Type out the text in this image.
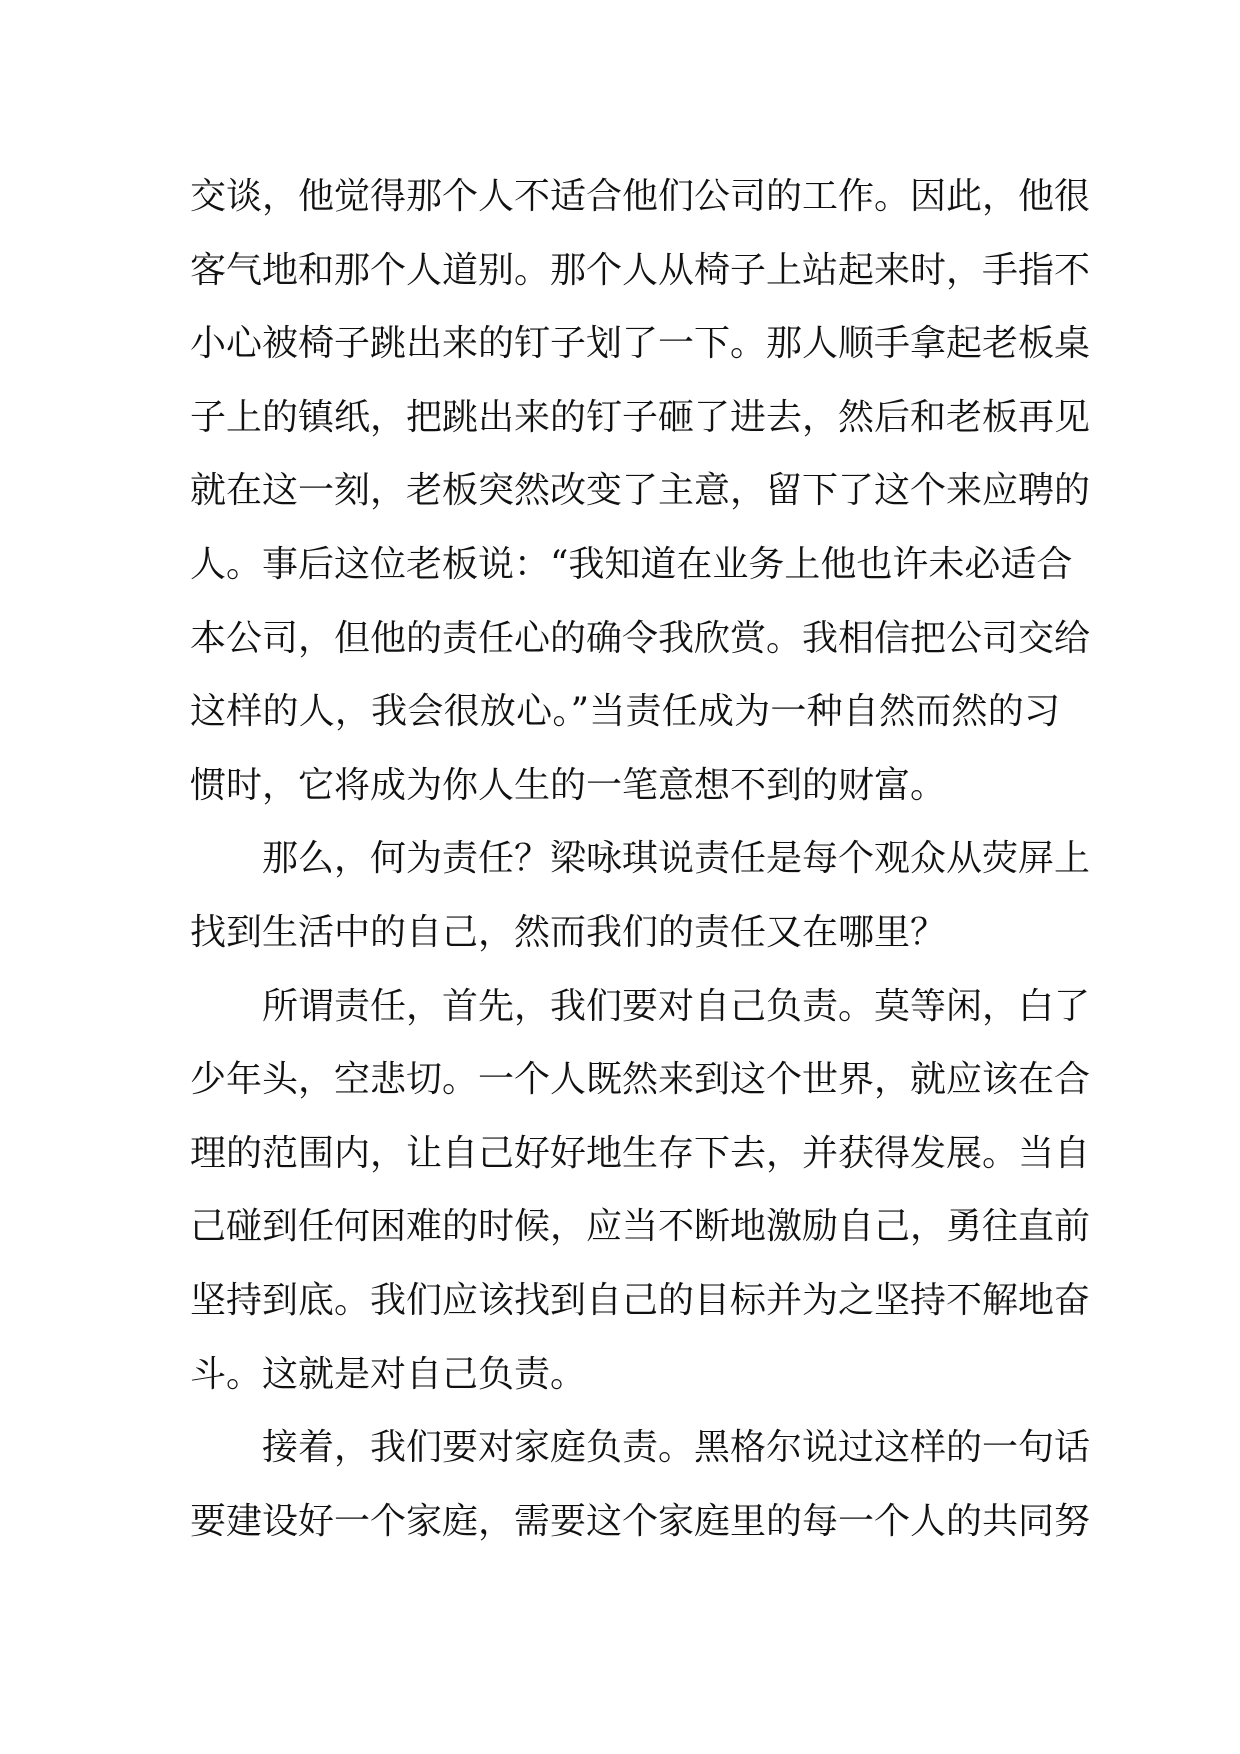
交谈，他觉得那个人不适合他们公司的工作。因此，他很
客气地和那个人道别。那个人从椅子上站起来时，手指不
小心被椅子跳出来的钉子划了一下。那人顺手拿起老板桌
子上的镇纸，把跳出来的钉子砸了进去，然后和老板再见
就在这一刻，老板突然改变了主意，留下了这个来应聘的
人。事后这位老板说：“我知道在业务上他也许未必适合
本公司，但他的责任心的确令我欣赏。我相信把公司交给
这样的人，我会很放心。”当责任成为一种自然而然的习
惯时，它将成为你人生的一笔意想不到的财富。
那么，何为责任？梁咏琪说责任是每个观众从荧屏上
找到生活中的自己，然而我们的责任又在哪里？
所谓责任，首先，我们要对自己负责。莫等闲，白了
少年头，空悲切。一个人既然来到这个世界，就应该在合
理的范围内，让自己好好地生存下去，并获得发展。当自
己碰到任何困难的时候，应当不断地激励自己，勇往直前
坚持到底。我们应该找到自己的目标并为之坚持不解地奋
斗。这就是对自己负责。
接着，我们要对家庭负责。黑格尔说过这样的一句话
要建设好一个家庭，需要这个家庭里的每一个人的共同努
